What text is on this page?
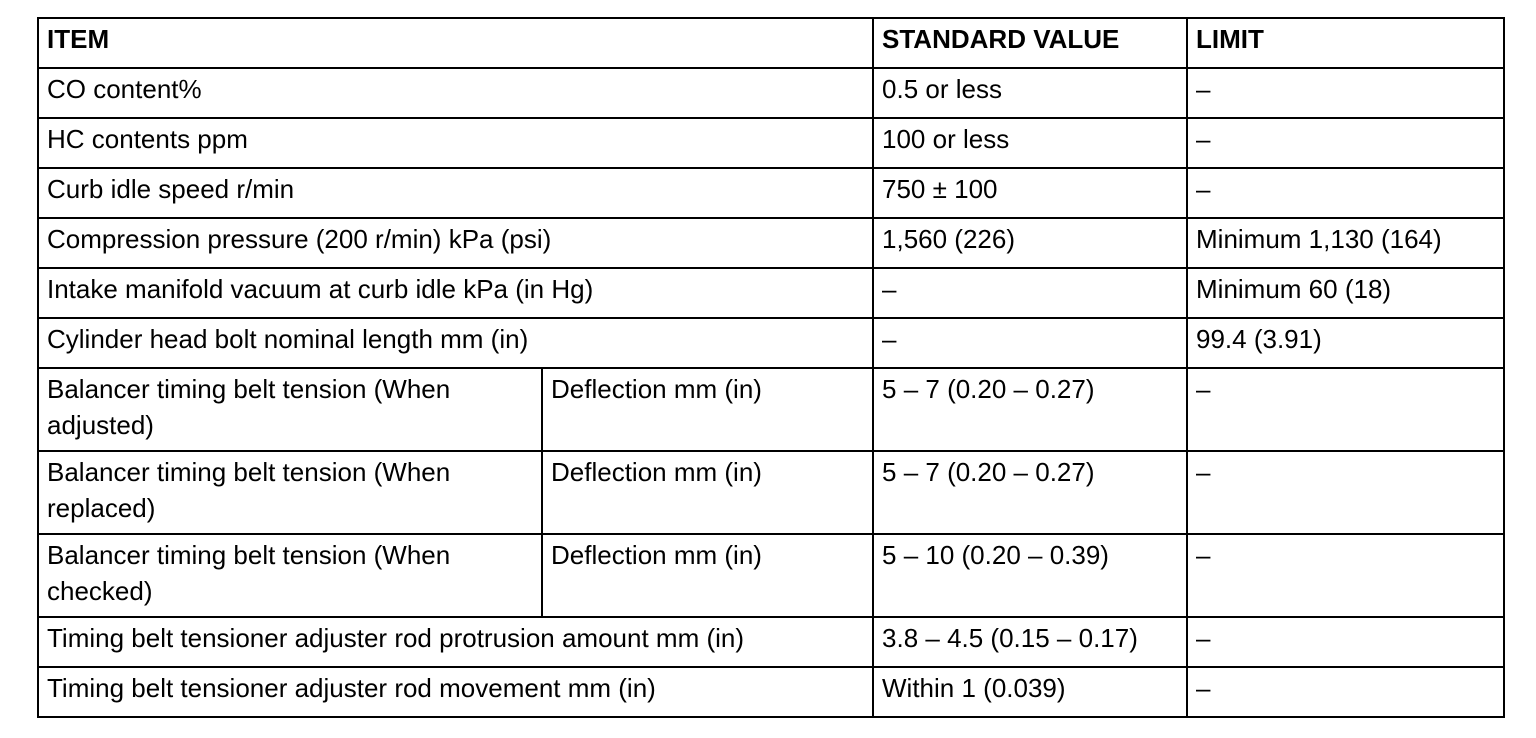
ITEM		STANDARD VALUE	LIMIT
CO content%		0.5 or less	–
HC contents ppm		100 or less	–
Curb idle speed r/min		750 ± 100	–
Compression pressure (200 r/min) kPa (psi)		1,560 (226)	Minimum 1,130 (164)
Intake manifold vacuum at curb idle kPa (in Hg)		–	Minimum 60 (18)
Cylinder head bolt nominal length mm (in)		–	99.4 (3.91)
Balancer timing belt tension (When adjusted)	Deflection mm (in)	5 – 7 (0.20 – 0.27)	–
Balancer timing belt tension (When replaced)	Deflection mm (in)	5 – 7 (0.20 – 0.27)	–
Balancer timing belt tension (When checked)	Deflection mm (in)	5 – 10 (0.20 – 0.39)	–
Timing belt tensioner adjuster rod protrusion amount mm (in)		3.8 – 4.5 (0.15 – 0.17)	–
Timing belt tensioner adjuster rod movement mm (in)		Within 1 (0.039)	–
